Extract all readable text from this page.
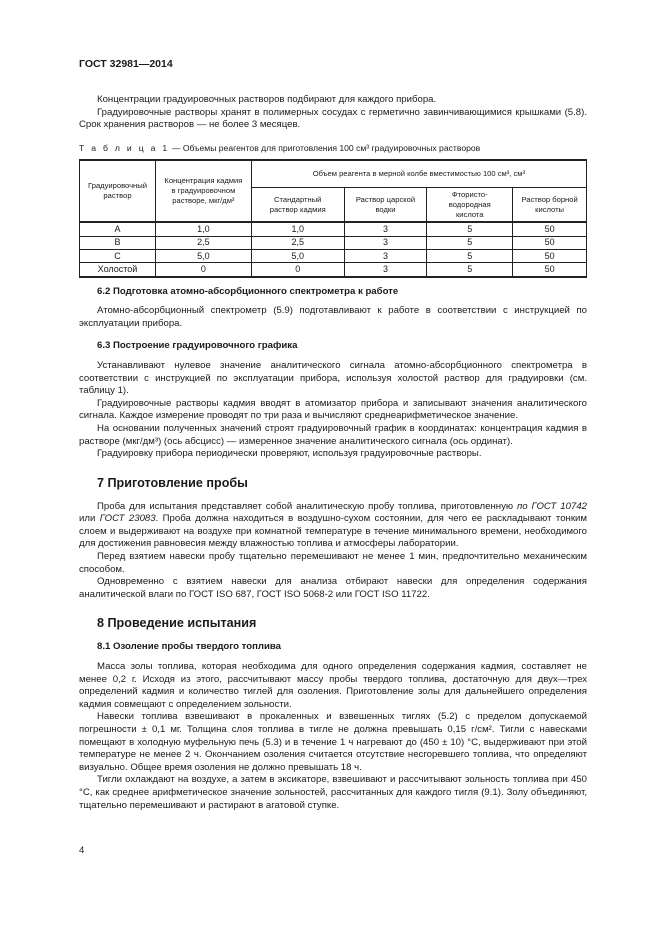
ГОСТ 32981—2014

Концентрации градуировочных растворов подбирают для каждого прибора.

Градуировочные растворы хранят в полимерных сосудах с герметично завинчивающимися крышками (5.8). Срок хранения растворов — не более 3 месяцев.

Т а б л и ц а 1 — Объемы реагентов для приготовления 100 см³ градуировочных растворов

Градуировочный раствор	Концентрация кадмия в градуировочном растворе, мкг/дм³	Объем реагента в мерной колбе вместимостью 100 см³, см³			
		Стандартный раствор кадмия	Раствор царской водки	Фтористо-водородная кислота	Раствор борной кислоты
A	1,0	1,0	3	5	50
B	2,5	2,5	3	5	50
C	5,0	5,0	3	5	50
Холостой	0	0	3	5	50
6.2 Подготовка атомно-абсорбционного спектрометра к работе

Атомно-абсорбционный спектрометр (5.9) подготавливают к работе в соответствии с инструкцией по эксплуатации прибора.

6.3 Построение градуировочного графика

Устанавливают нулевое значение аналитического сигнала атомно-абсорбционного спектрометра в соответствии с инструкцией по эксплуатации прибора, используя холостой раствор для градуировки (см. таблицу 1).

Градуировочные растворы кадмия вводят в атомизатор прибора и записывают значения аналитического сигнала. Каждое измерение проводят по три раза и вычисляют среднеарифметическое значение.

На основании полученных значений строят градуировочный график в координатах: концентрация кадмия в растворе (мкг/дм³) (ось абсцисс) — измеренное значение аналитического сигнала (ось ординат).

Градуировку прибора периодически проверяют, используя градуировочные растворы.

7 Приготовление пробы

Проба для испытания представляет собой аналитическую пробу топлива, приготовленную по ГОСТ 10742 или ГОСТ 23083. Проба должна находиться в воздушно-сухом состоянии, для чего ее раскладывают тонким слоем и выдерживают на воздухе при комнатной температуре в течение минимального времени, необходимого для достижения равновесия между влажностью топлива и атмосферы лаборатории.

Перед взятием навески пробу тщательно перемешивают не менее 1 мин, предпочтительно механическим способом.

Одновременно с взятием навески для анализа отбирают навески для определения содержания аналитической влаги по ГОСТ ISO 687, ГОСТ ISO 5068-2 или ГОСТ ISO 11722.

8 Проведение испытания
8.1 Озоление пробы твердого топлива

Масса золы топлива, которая необходима для одного определения содержания кадмия, составляет не менее 0,2 г. Исходя из этого, рассчитывают массу пробы твердого топлива, достаточную для двух—трех определений кадмия и количество тиглей для озоления. Приготовление золы для дальнейшего определения кадмия совмещают с определением зольности.

Навески топлива взвешивают в прокаленных и взвешенных тиглях (5.2) с пределом допускаемой погрешности ± 0,1 мг. Толщина слоя топлива в тигле не должна превышать 0,15 г/см². Тигли с навесками помещают в холодную муфельную печь (5.3) и в течение 1 ч нагревают до (450 ± 10) °С, выдерживают при этой температуре не менее 2 ч. Окончанием озоления считается отсутствие несгоревшего топлива, что определяют визуально. Общее время озоления не должно превышать 18 ч.

Тигли охлаждают на воздухе, а затем в эксикаторе, взвешивают и рассчитывают зольность топлива при 450 °С, как среднее арифметическое значение зольностей, рассчитанных для каждого тигля (9.1). Золу объединяют, тщательно перемешивают и растирают в агатовой ступке.

4
